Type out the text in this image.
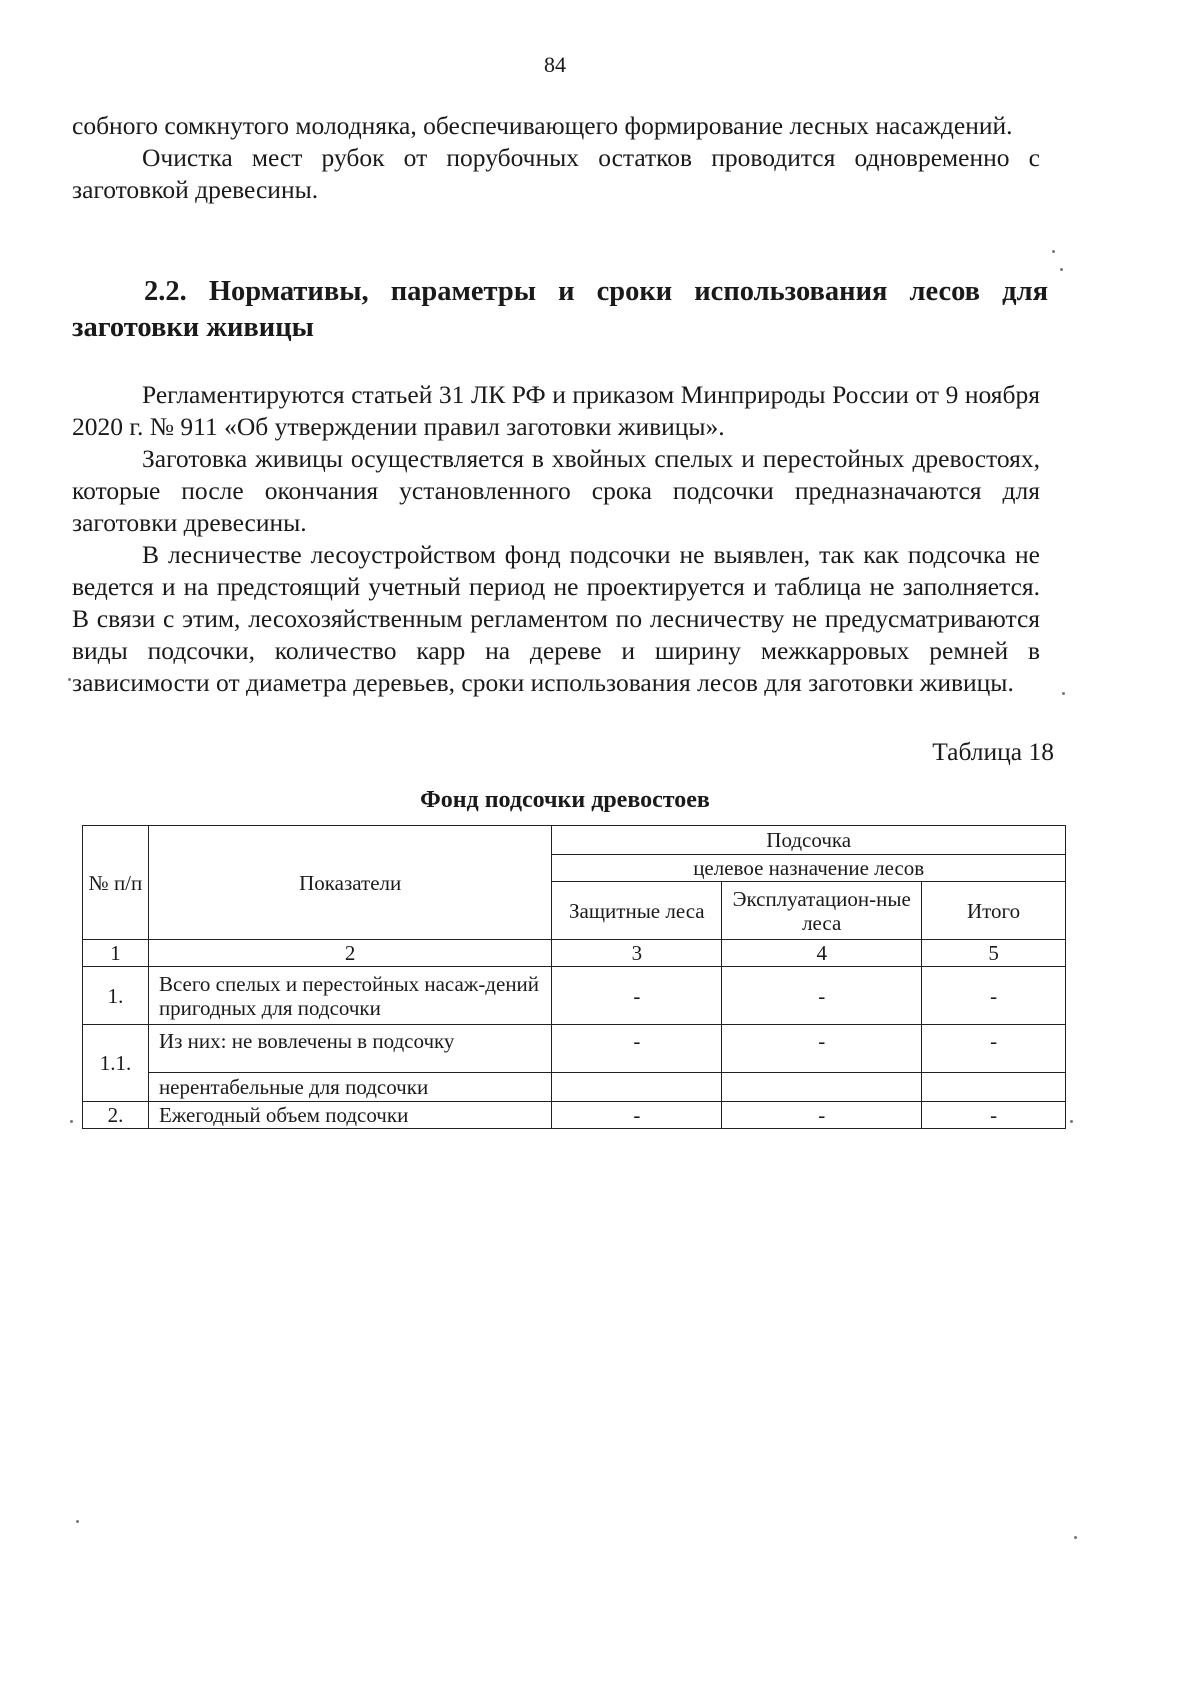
84

собного сомкнутого молодняка, обеспечивающего формирование лесных насаждений.

Очистка мест рубок от порубочных остатков проводится одновременно с заготовкой древесины.

2.2. Нормативы, параметры и сроки использования лесов для заготовки живицы

Регламентируются статьей 31 ЛК РФ и приказом Минприроды России от 9 ноября 2020 г. № 911 «Об утверждении правил заготовки живицы».

Заготовка живицы осуществляется в хвойных спелых и перестойных древостоях, которые после окончания установленного срока подсочки предназначаются для заготовки древесины.

В лесничестве лесоустройством фонд подсочки не выявлен, так как подсочка не ведется и на предстоящий учетный период не проектируется и таблица не заполняется. В связи с этим, лесохозяйственным регламентом по лесничеству не предусматриваются виды подсочки, количество карр на дереве и ширину межкарровых ремней в зависимости от диаметра деревьев, сроки использования лесов для заготовки живицы.

Таблица 18
Фонд подсочки древостоев
№ п/п	Показатели	Подсочка		
		целевое назначение лесов		
		Защитные леса	Эксплуатацион-ные леса	Итого
1	2	3	4	5
1.	Всего спелых и перестойных насаж-дений пригодных для подсочки	-	-	-
1.1.	Из них: не вовлечены в подсочку	-	-	-
	нерентабельные для подсочки			
2.	Ежегодный объем подсочки	-	-	-
